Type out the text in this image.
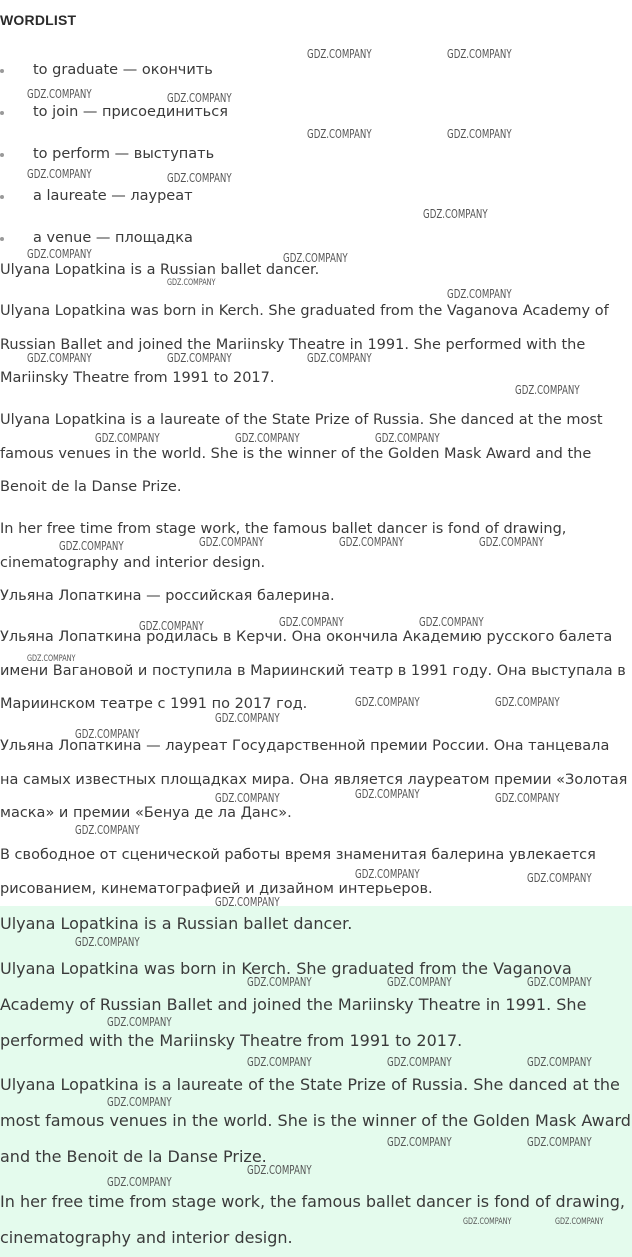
WORDLIST
to graduate — окончить
to join — присоединиться
to perform — выступать
a laureate — лауреат
a venue — площадка

Ulyana Lopatkina is a Russian ballet dancer.

Ulyana Lopatkina was born in Kerch. She graduated from the Vaganova Academy of Russian Ballet and joined the Mariinsky Theatre in 1991. She performed with the Mariinsky Theatre from 1991 to 2017.

Ulyana Lopatkina is a laureate of the State Prize of Russia. She danced at the most famous venues in the world. She is the winner of the Golden Mask Award and the Benoit de la Danse Prize.

In her free time from stage work, the famous ballet dancer is fond of drawing, cinematography and interior design.

Ульяна Лопаткина — российская балерина.

Ульяна Лопаткина родилась в Керчи. Она окончила Академию русского балета имени Вагановой и поступила в Мариинский театр в 1991 году. Она выступала в Мариинском театре с 1991 по 2017 год.

Ульяна Лопаткина — лауреат Государственной премии России. Она танцевала на самых известных площадках мира. Она является лауреатом премии «Золотая маска» и премии «Бенуа де ла Данс».

В свободное от сценической работы время знаменитая балерина увлекается рисованием, кинематографией и дизайном интерьеров.

Ulyana Lopatkina is a Russian ballet dancer.

Ulyana Lopatkina was born in Kerch. She graduated from the Vaganova Academy of Russian Ballet and joined the Mariinsky Theatre in 1991. She performed with the Mariinsky Theatre from 1991 to 2017.

Ulyana Lopatkina is a laureate of the State Prize of Russia. She danced at the most famous venues in the world. She is the winner of the Golden Mask Award and the Benoit de la Danse Prize.

In her free time from stage work, the famous ballet dancer is fond of drawing, cinematography and interior design.

GDZ.COMPANY	GDZ.COMPANY
GDZ.COMPANY	GDZ.COMPANY
GDZ.COMPANY	GDZ.COMPANY
GDZ.COMPANY	GDZ.COMPANY
GDZ.COMPANY
GDZ.COMPANY	GDZ.COMPANY
GDZ.COMPANY
GDZ.COMPANY
GDZ.COMPANY	GDZ.COMPANY	GDZ.COMPANY
GDZ.COMPANY
GDZ.COMPANY	GDZ.COMPANY	GDZ.COMPANY
GDZ.COMPANY	GDZ.COMPANY	GDZ.COMPANY	GDZ.COMPANY
GDZ.COMPANY	GDZ.COMPANY	GDZ.COMPANY
GDZ.COMPANY
GDZ.COMPANY	GDZ.COMPANY
GDZ.COMPANY
GDZ.COMPANY
GDZ.COMPANY
GDZ.COMPANY	GDZ.COMPANY
GDZ.COMPANY
GDZ.COMPANY	GDZ.COMPANY
GDZ.COMPANY
GDZ.COMPANY
GDZ.COMPANY	GDZ.COMPANY	GDZ.COMPANY
GDZ.COMPANY
GDZ.COMPANY	GDZ.COMPANY	GDZ.COMPANY
GDZ.COMPANY
GDZ.COMPANY	GDZ.COMPANY
GDZ.COMPANY
GDZ.COMPANY
GDZ.COMPANY	GDZ.COMPANY
